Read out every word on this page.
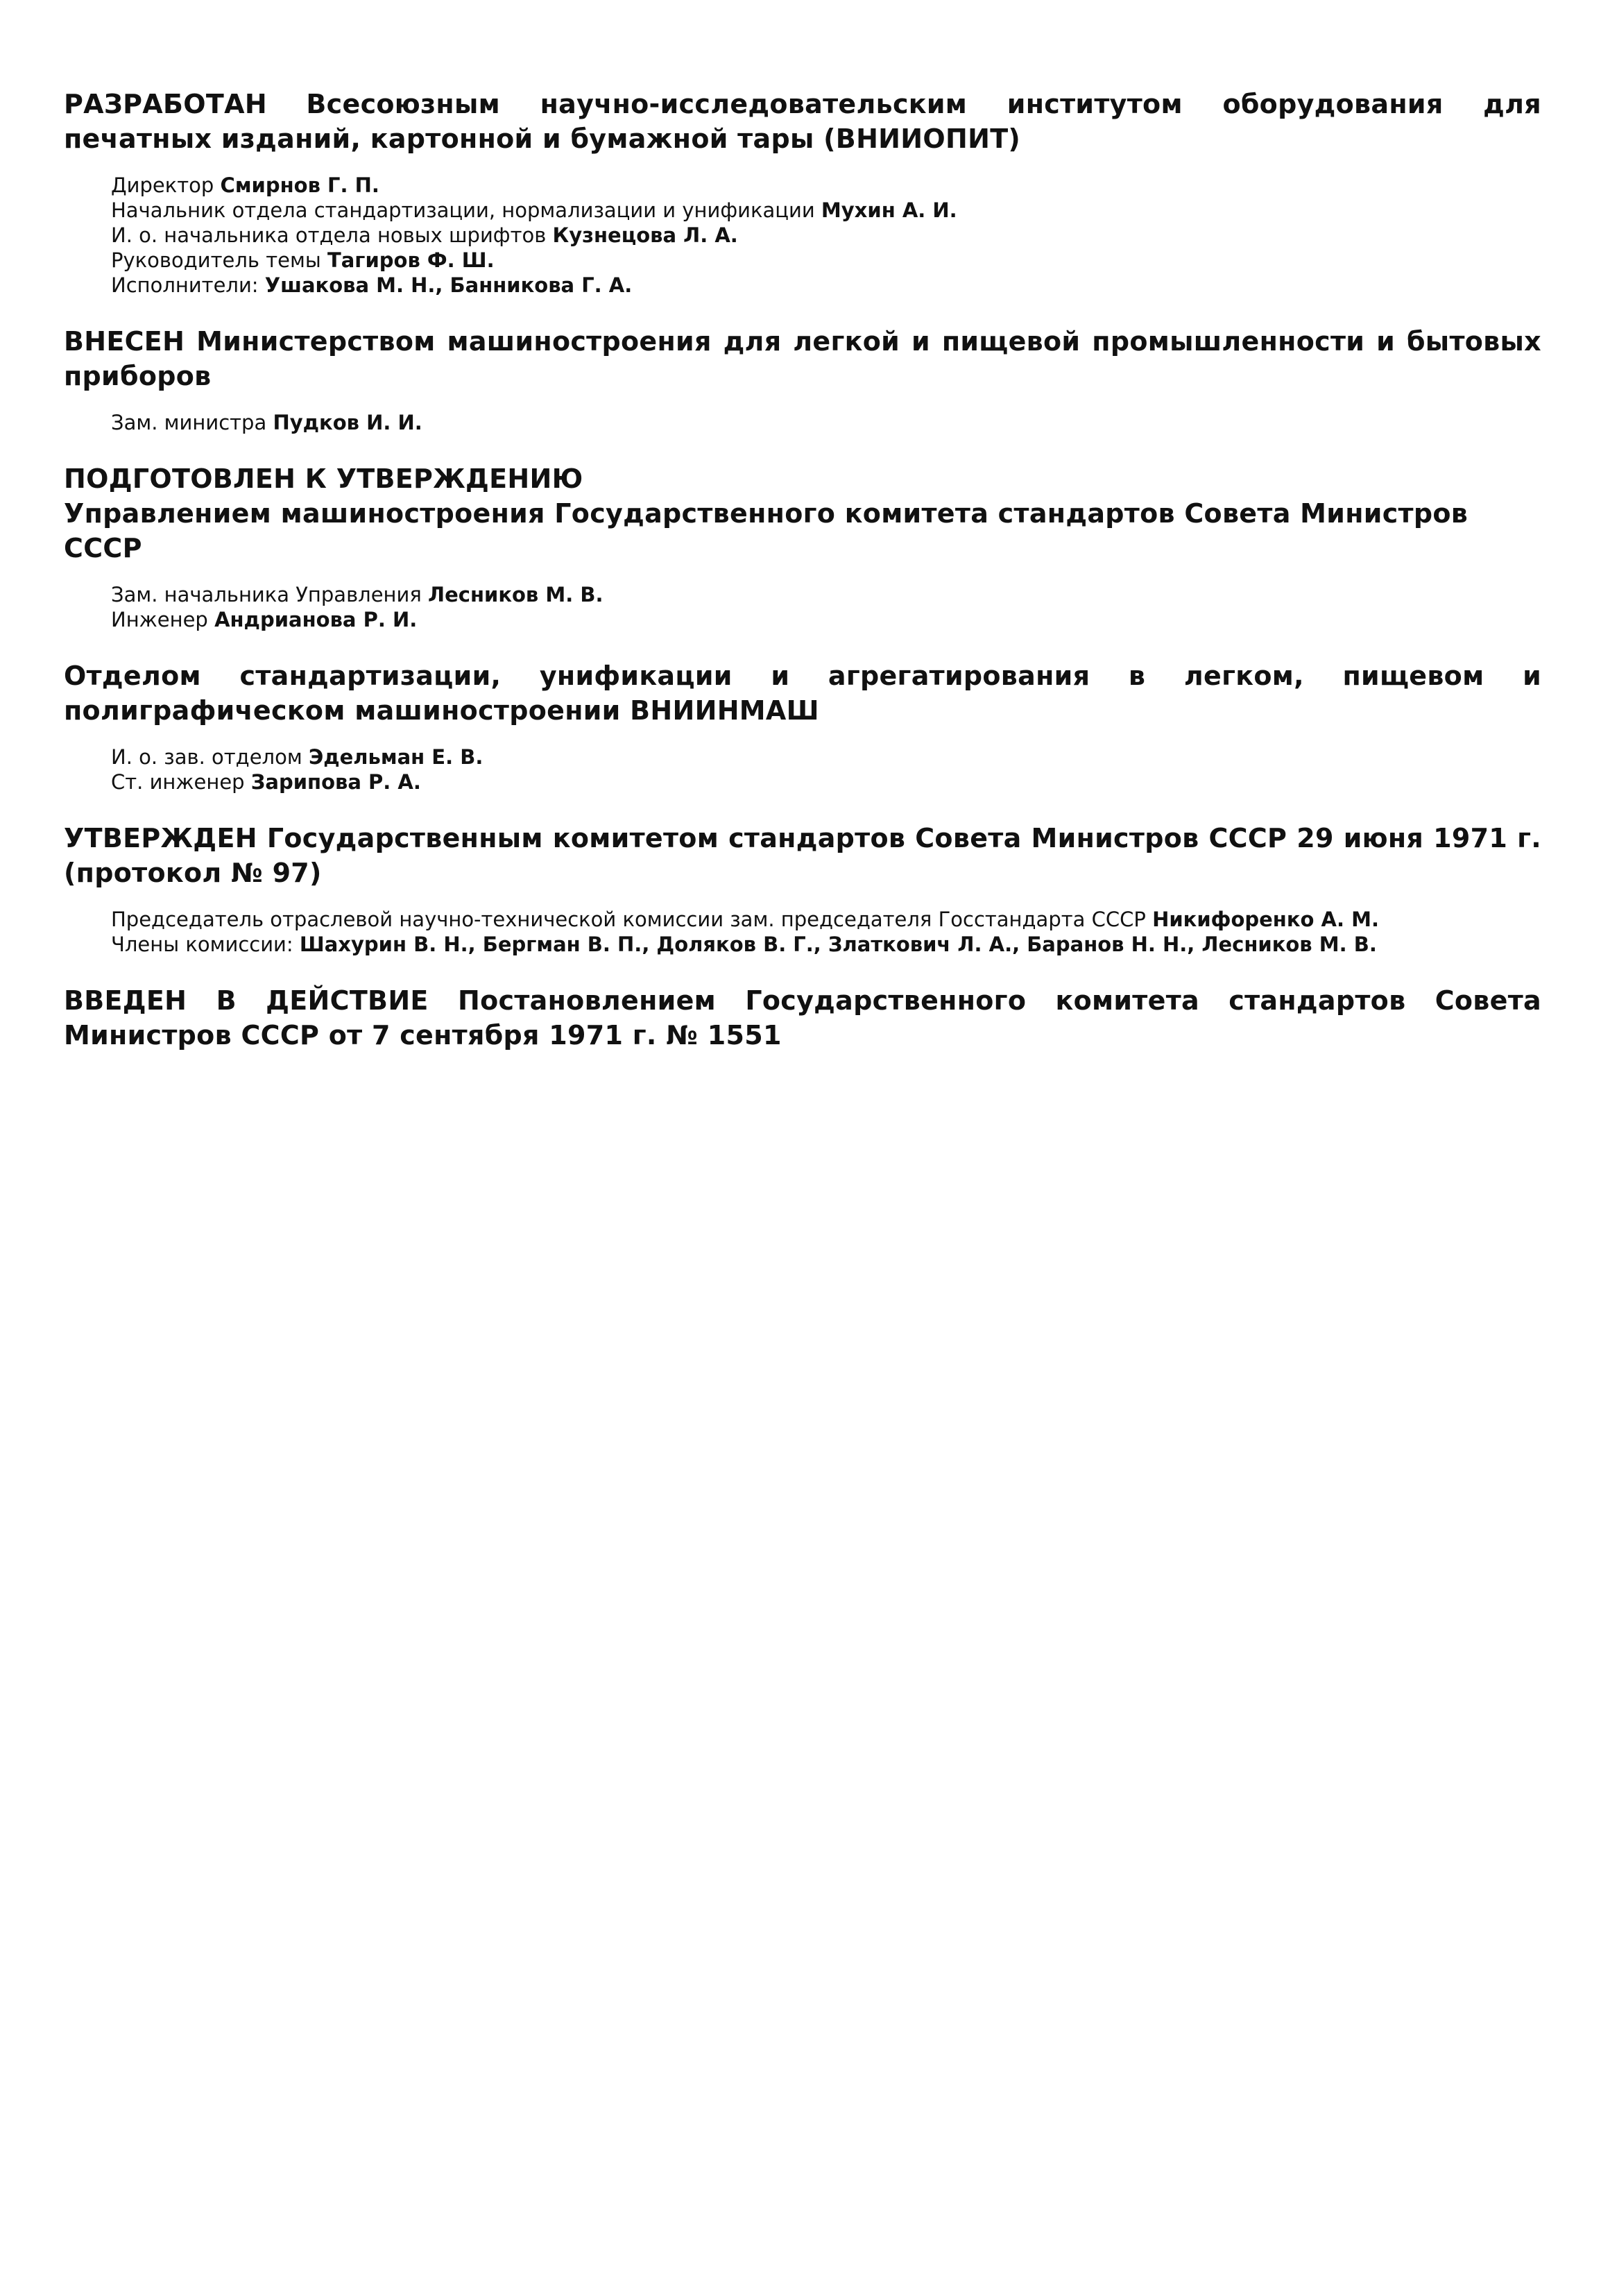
РАЗРАБОТАН Всесоюзным научно-исследовательским институтом оборудования для печатных изданий, картонной и бумажной тары (ВНИИОПИТ)
Директор Смирнов Г. П.
Начальник отдела стандартизации, нормализации и унификации Мухин А. И.
И. о. начальника отдела новых шрифтов Кузнецова Л. А.
Руководитель темы Тагиров Ф. Ш.
Исполнители: Ушакова М. Н., Банникова Г. А.
ВНЕСЕН Министерством машиностроения для легкой и пищевой промышленности и бытовых приборов
Зам. министра Пудков И. И.
ПОДГОТОВЛЕН К УТВЕРЖДЕНИЮ
Управлением машиностроения Государственного комитета стандартов Совета Министров СССР
Зам. начальника Управления Лесников М. В.
Инженер Андрианова Р. И.
Отделом стандартизации, унификации и агрегатирования в легком, пищевом и полиграфическом машиностроении ВНИИНМАШ
И. о. зав. отделом Эдельман Е. В.
Ст. инженер Зарипова Р. А.
УТВЕРЖДЕН Государственным комитетом стандартов Совета Министров СССР 29 июня 1971 г. (протокол № 97)
Председатель отраслевой научно-технической комиссии зам. председателя Госстандарта СССР Никифоренко А. М.
Члены комиссии: Шахурин В. Н., Бергман В. П., Доляков В. Г., Златкович Л. А., Баранов Н. Н., Лесников М. В.
ВВЕДЕН В ДЕЙСТВИЕ Постановлением Государственного комитета стандартов Совета Министров СССР от 7 сентября 1971 г. № 1551
